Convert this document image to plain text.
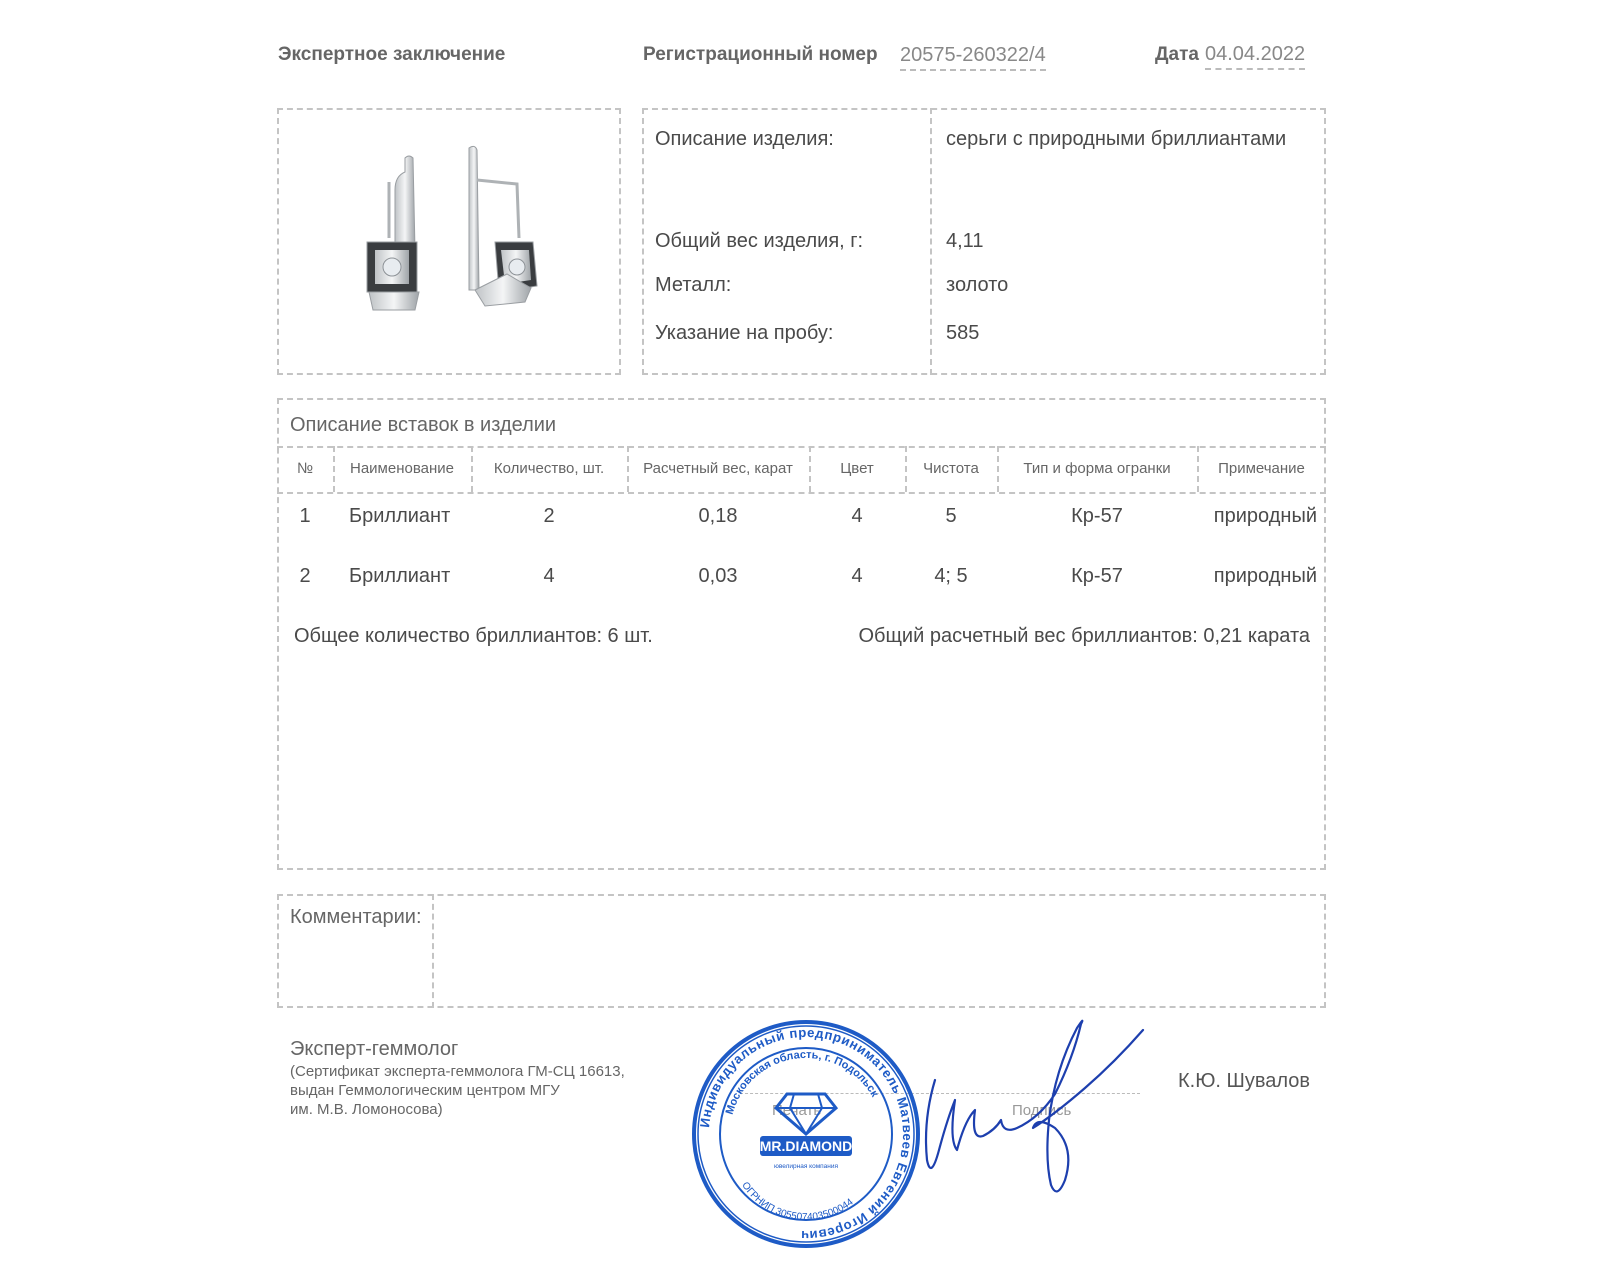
Экспертное заключение	Регистрационный номер 20575-260322/4	Дата 04.04.2022
Описание изделия:	серьги с природными бриллиантами
Общий вес изделия, г:	4,11
Металл:	золото
Указание на пробу:	585
Описание вставок в изделии
№	Наименование	Количество, шт.	Расчетный вес, карат	Цвет	Чистота	Тип и форма огранки	Примечание
1	Бриллиант	2	0,18	4	5	Кр-57	природный
2	Бриллиант	4	0,03	4	4; 5	Кр-57	природный
Общее количество бриллиантов: 6 шт.	Общий расчетный вес бриллиантов: 0,21 карата
Комментарии:
Эксперт-геммолог
(Сертификат эксперта-геммолога ГМ-СЦ 16613,
выдан Геммологическим центром МГУ
им. М.В. Ломоносова)	Печать	Подпись
К.Ю. Шувалов
Индивидуальный предприниматель Матвеев Евгений Игоревич
Московская область, г. Подольск
ОГРНИП 305507403500044
MR.DIAMOND
ювелирная компания
